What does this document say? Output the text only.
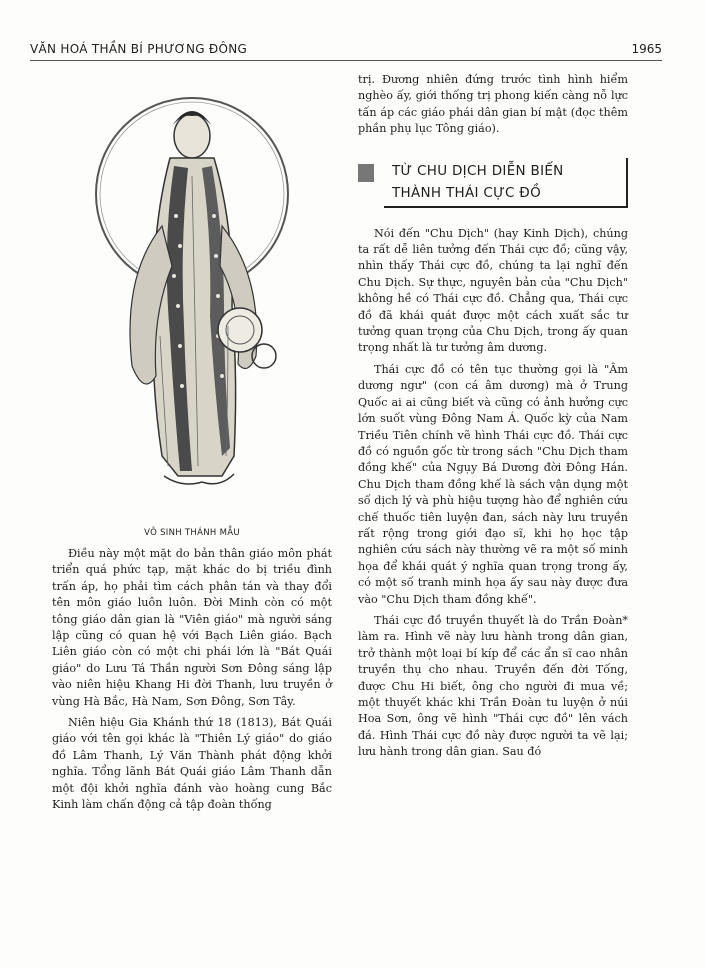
VĂN HOÁ THẦN BÍ PHƯƠNG ĐÔNG	1965
VÔ SINH THÁNH MẪU

Điều này một mặt do bản thân giáo môn phát triển quá phức tạp, mặt khác do bị triều đình trấn áp, họ phải tìm cách phân tán và thay đổi tên môn giáo luôn luôn. Đời Minh còn có một tông giáo dân gian là "Viên giáo" mà người sáng lập cũng có quan hệ với Bạch Liên giáo. Bạch Liên giáo còn có một chi phái lớn là "Bát Quái giáo" do Lưu Tá Thần người Sơn Đông sáng lập vào niên hiệu Khang Hi đời Thanh, lưu truyền ở vùng Hà Bắc, Hà Nam, Sơn Đông, Sơn Tây.

Niên hiệu Gia Khánh thứ 18 (1813), Bát Quái giáo với tên gọi khác là "Thiên Lý giáo" do giáo đồ Lâm Thanh, Lý Văn Thành phát động khởi nghĩa. Tổng lãnh Bát Quái giáo Lâm Thanh dẫn một đội khởi nghĩa đánh vào hoàng cung Bắc Kinh làm chấn động cả tập đoàn thống

trị. Đương nhiên đứng trước tình hình hiểm nghèo ấy, giới thống trị phong kiến càng nỗ lực tấn áp các giáo phái dân gian bí mật (đọc thêm phần phụ lục Tông giáo).

TỪ CHU DỊCH DIỄN BIẾN
THÀNH THÁI CỰC ĐỒ

Nói đến "Chu Dịch" (hay Kinh Dịch), chúng ta rất dễ liên tưởng đến Thái cực đồ; cũng vậy, nhìn thấy Thái cực đồ, chúng ta lại nghĩ đến Chu Dịch. Sự thực, nguyên bản của "Chu Dịch" không hề có Thái cực đồ. Chẳng qua, Thái cực đồ đã khái quát được một cách xuất sắc tư tưởng quan trọng của Chu Dịch, trong ấy quan trọng nhất là tư tưởng âm dương.

Thái cực đồ có tên tục thường gọi là "Âm dương ngư" (con cá âm dương) mà ở Trung Quốc ai ai cũng biết và cũng có ảnh hưởng cực lớn suốt vùng Đông Nam Á. Quốc kỳ của Nam Triều Tiên chính vẽ hình Thái cực đồ. Thái cực đồ có nguồn gốc từ trong sách "Chu Dịch tham đồng khế" của Ngụy Bá Dương đời Đông Hán. Chu Dịch tham đồng khế là sách vận dụng một số dịch lý và phù hiệu tượng hào để nghiên cứu chế thuốc tiên luyện đan, sách này lưu truyền rất rộng trong giới đạo sĩ, khi họ học tập nghiên cứu sách này thường vẽ ra một số minh họa để khái quát ý nghĩa quan trọng trong ấy, có một số tranh minh họa ấy sau này được đưa vào "Chu Dịch tham đồng khế".

Thái cực đồ truyền thuyết là do Trần Đoàn* làm ra. Hình vẽ này lưu hành trong dân gian, trở thành một loại bí kíp để các ẩn sĩ cao nhân truyền thụ cho nhau. Truyền đến đời Tống, được Chu Hi biết, ông cho người đi mua về; một thuyết khác khi Trần Đoàn tu luyện ở núi Hoa Sơn, ông vẽ hình "Thái cực đồ" lên vách đá. Hình Thái cực đồ này được người ta vẽ lại; lưu hành trong dân gian. Sau đó
